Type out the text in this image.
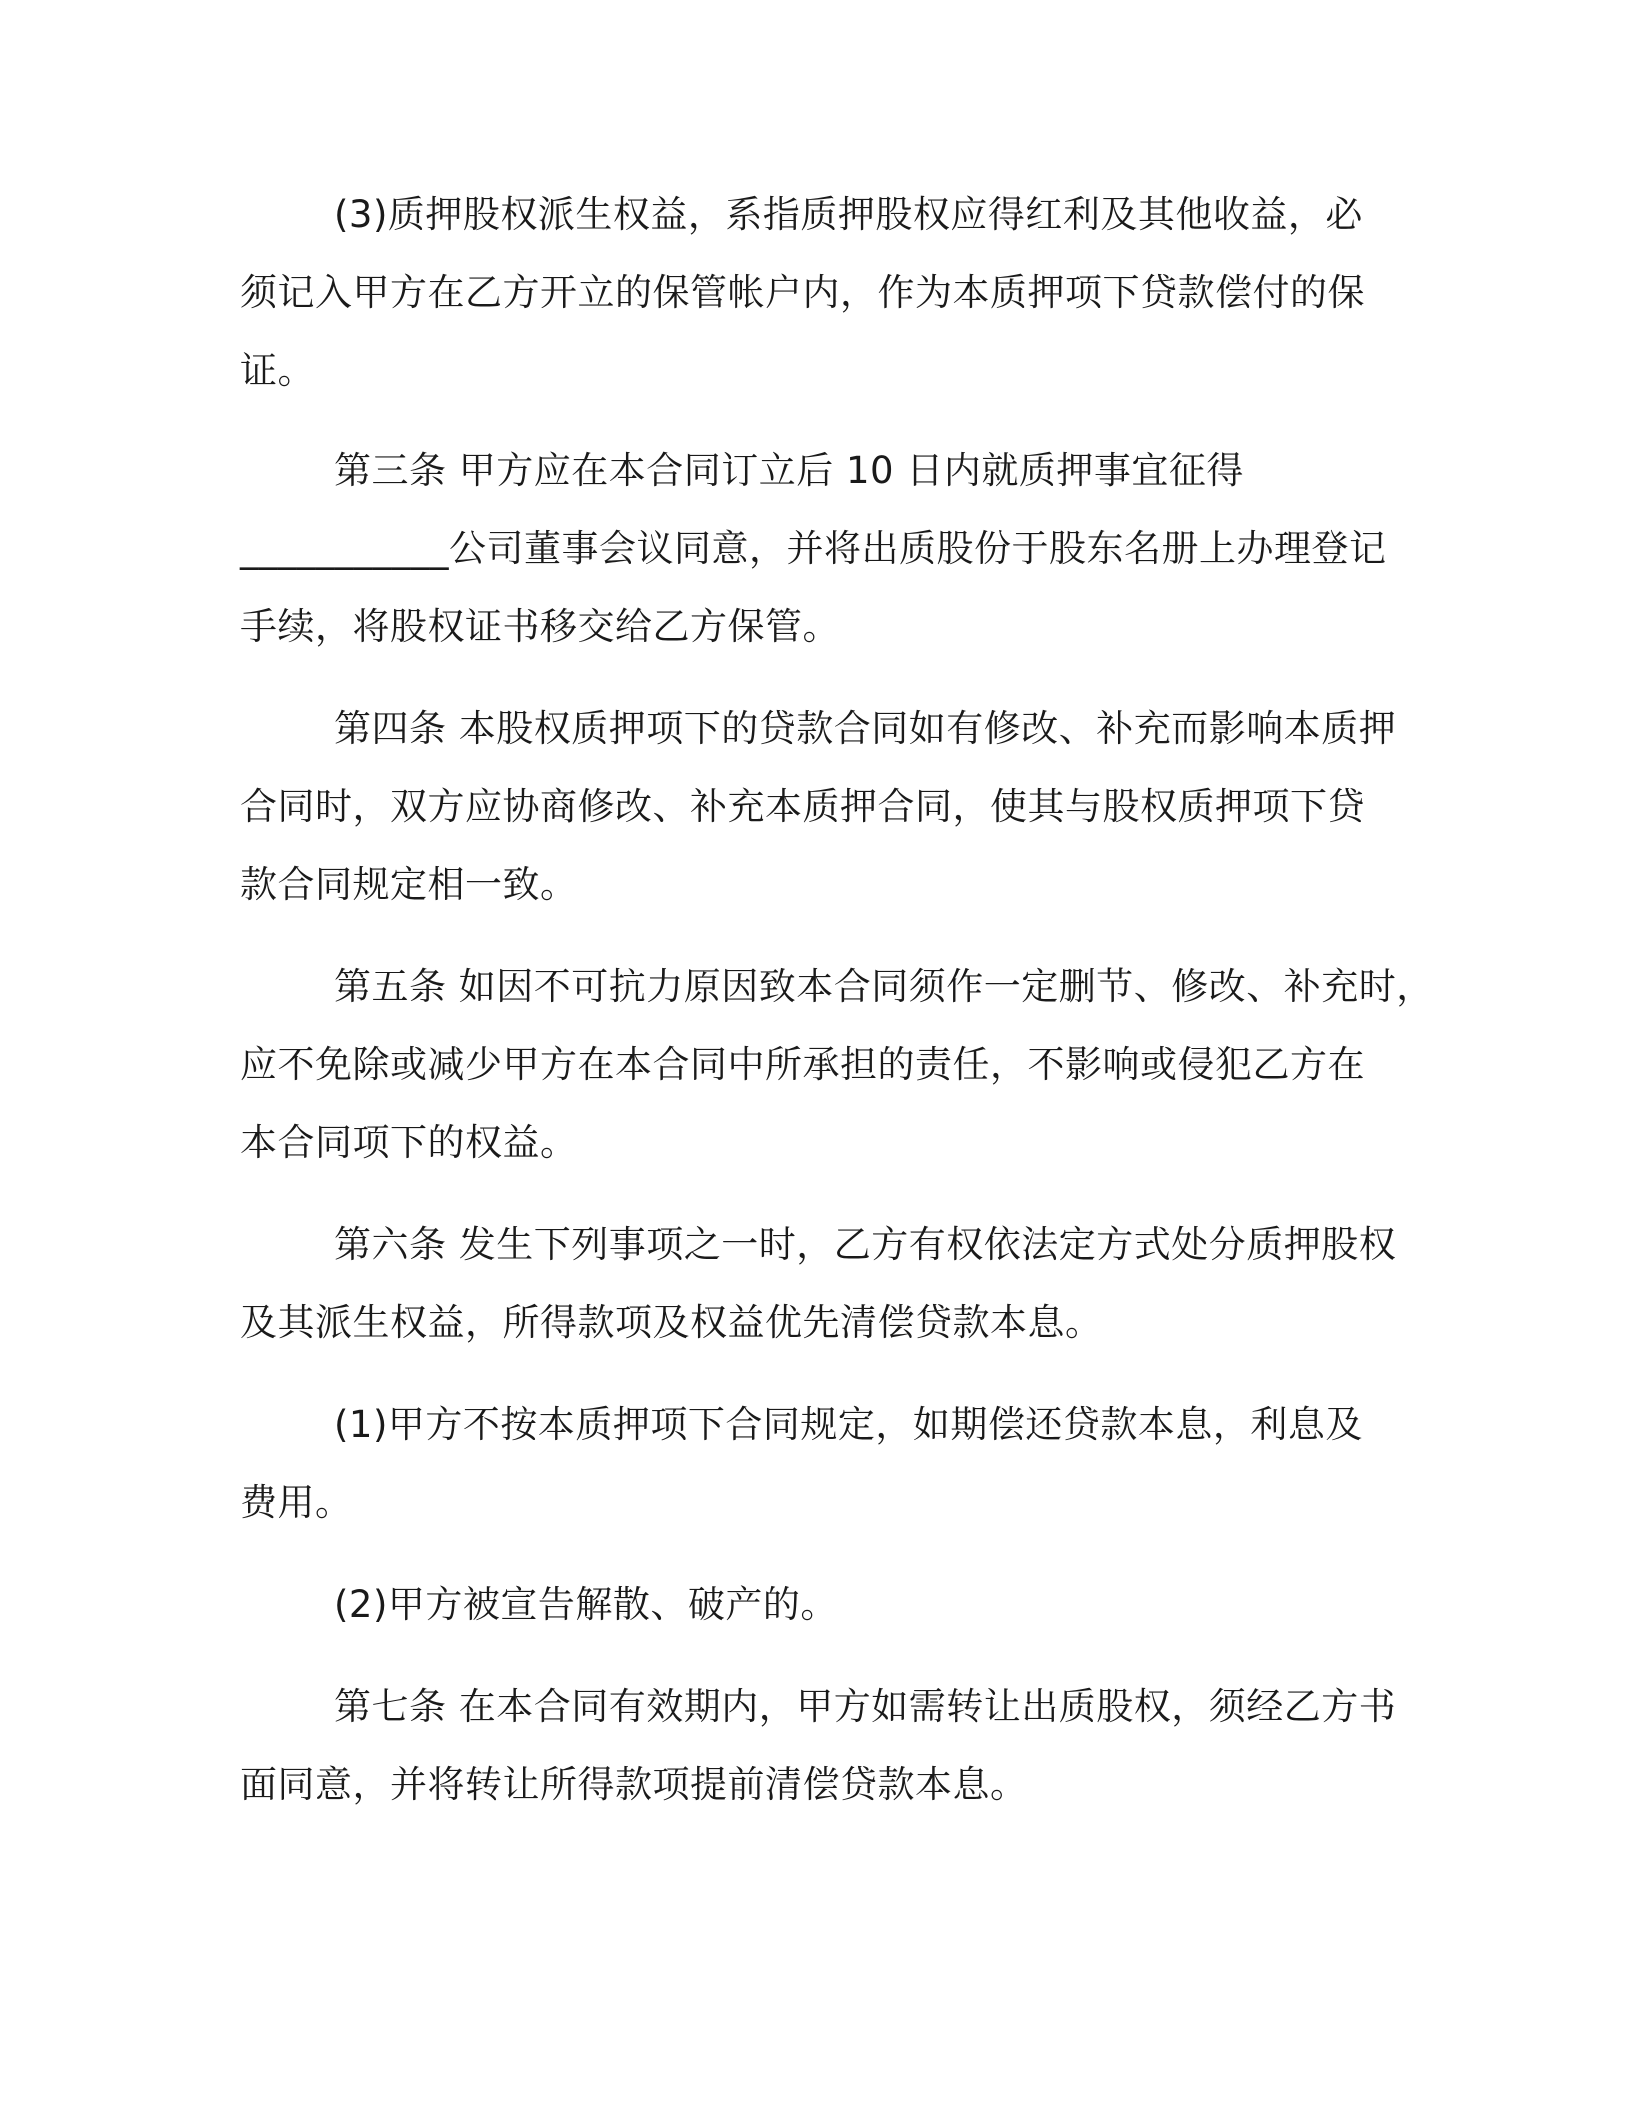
(3)质押股权派生权益，系指质押股权应得红利及其他收益，必
须记入甲方在乙方开立的保管帐户内，作为本质押项下贷款偿付的保
证。
第三条 甲方应在本合同订立后 10 日内就质押事宜征得
___________公司董事会议同意，并将出质股份于股东名册上办理登记
手续，将股权证书移交给乙方保管。
第四条 本股权质押项下的贷款合同如有修改、补充而影响本质押
合同时，双方应协商修改、补充本质押合同，使其与股权质押项下贷
款合同规定相一致。
第五条 如因不可抗力原因致本合同须作一定删节、修改、补充时，
应不免除或减少甲方在本合同中所承担的责任，不影响或侵犯乙方在
本合同项下的权益。
第六条 发生下列事项之一时，乙方有权依法定方式处分质押股权
及其派生权益，所得款项及权益优先清偿贷款本息。
(1)甲方不按本质押项下合同规定，如期偿还贷款本息，利息及
费用。
(2)甲方被宣告解散、破产的。
第七条 在本合同有效期内，甲方如需转让出质股权，须经乙方书
面同意，并将转让所得款项提前清偿贷款本息。
